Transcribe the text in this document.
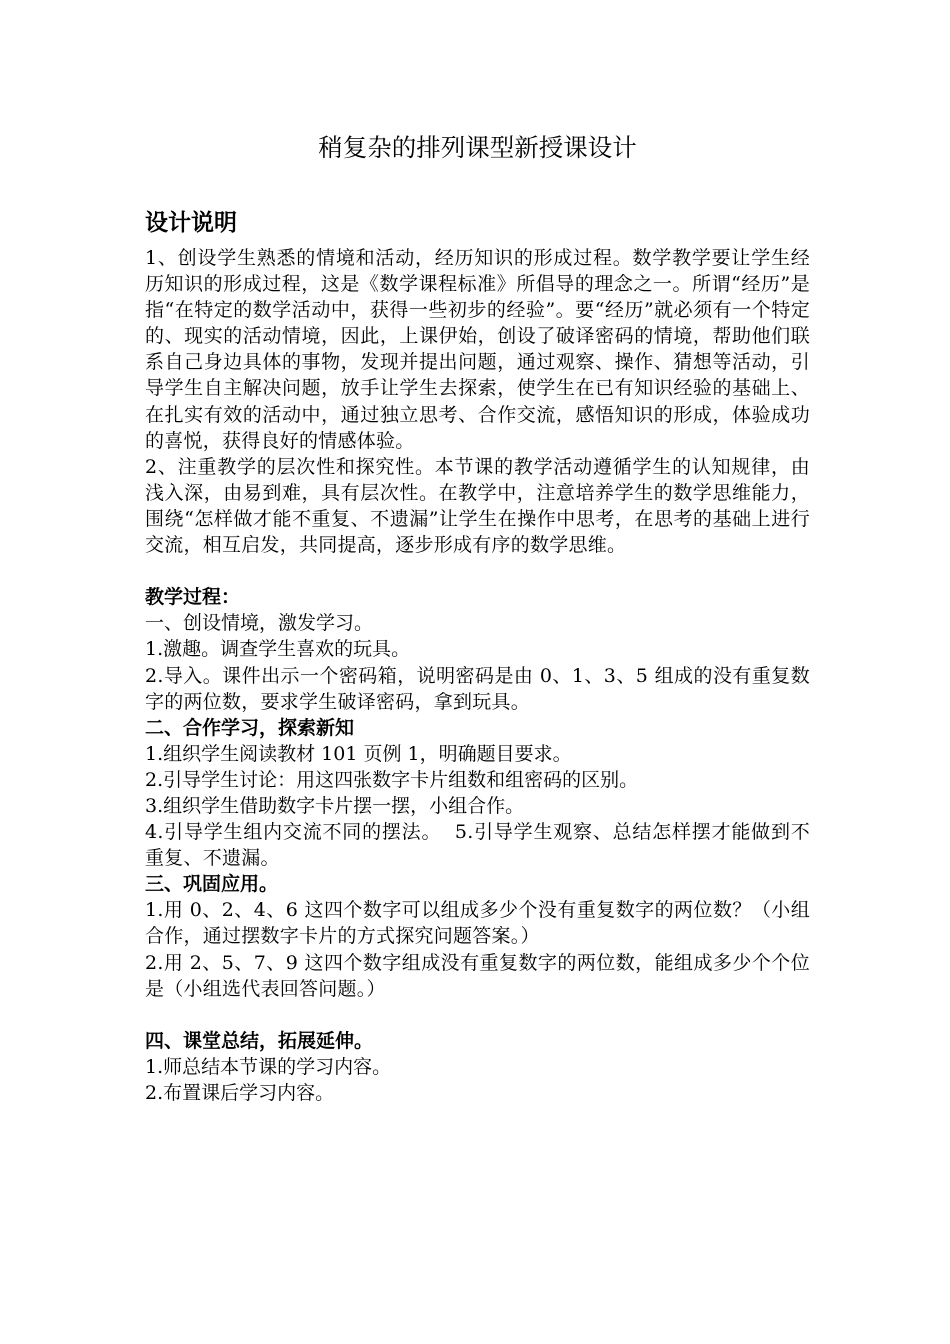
稍复杂的排列课型新授课设计
设计说明

1、创设学生熟悉的情境和活动，经历知识的形成过程。数学教学要让学生经历知识的形成过程，这是《数学课程标准》所倡导的理念之一。所谓“经历”是指“在特定的数学活动中，获得一些初步的经验”。要“经历”就必须有一个特定的、现实的活动情境，因此，上课伊始，创设了破译密码的情境，帮助他们联系自己身边具体的事物，发现并提出问题，通过观察、操作、猜想等活动，引导学生自主解决问题，放手让学生去探索，使学生在已有知识经验的基础上、在扎实有效的活动中，通过独立思考、合作交流，感悟知识的形成，体验成功的喜悦，获得良好的情感体验。

2、注重教学的层次性和探究性。本节课的教学活动遵循学生的认知规律，由浅入深，由易到难，具有层次性。在教学中，注意培养学生的数学思维能力，围绕“怎样做才能不重复、不遗漏”让学生在操作中思考，在思考的基础上进行交流，相互启发，共同提高，逐步形成有序的数学思维。

教学过程：

一、创设情境，激发学习。

1.激趣。调查学生喜欢的玩具。

2.导入。课件出示一个密码箱，说明密码是由 0、1、3、5 组成的没有重复数字的两位数，要求学生破译密码，拿到玩具。

二、合作学习，探索新知

1.组织学生阅读教材 101 页例 1，明确题目要求。

2.引导学生讨论：用这四张数字卡片组数和组密码的区别。

3.组织学生借助数字卡片摆一摆，小组合作。

4.引导学生组内交流不同的摆法。  5.引导学生观察、总结怎样摆才能做到不重复、不遗漏。

三、巩固应用。

1.用 0、2、4、6 这四个数字可以组成多少个没有重复数字的两位数？（小组合作，通过摆数字卡片的方式探究问题答案。）

2.用 2、5、7、9 这四个数字组成没有重复数字的两位数，能组成多少个个位是（小组选代表回答问题。）

四、课堂总结，拓展延伸。

1.师总结本节课的学习内容。

2.布置课后学习内容。
